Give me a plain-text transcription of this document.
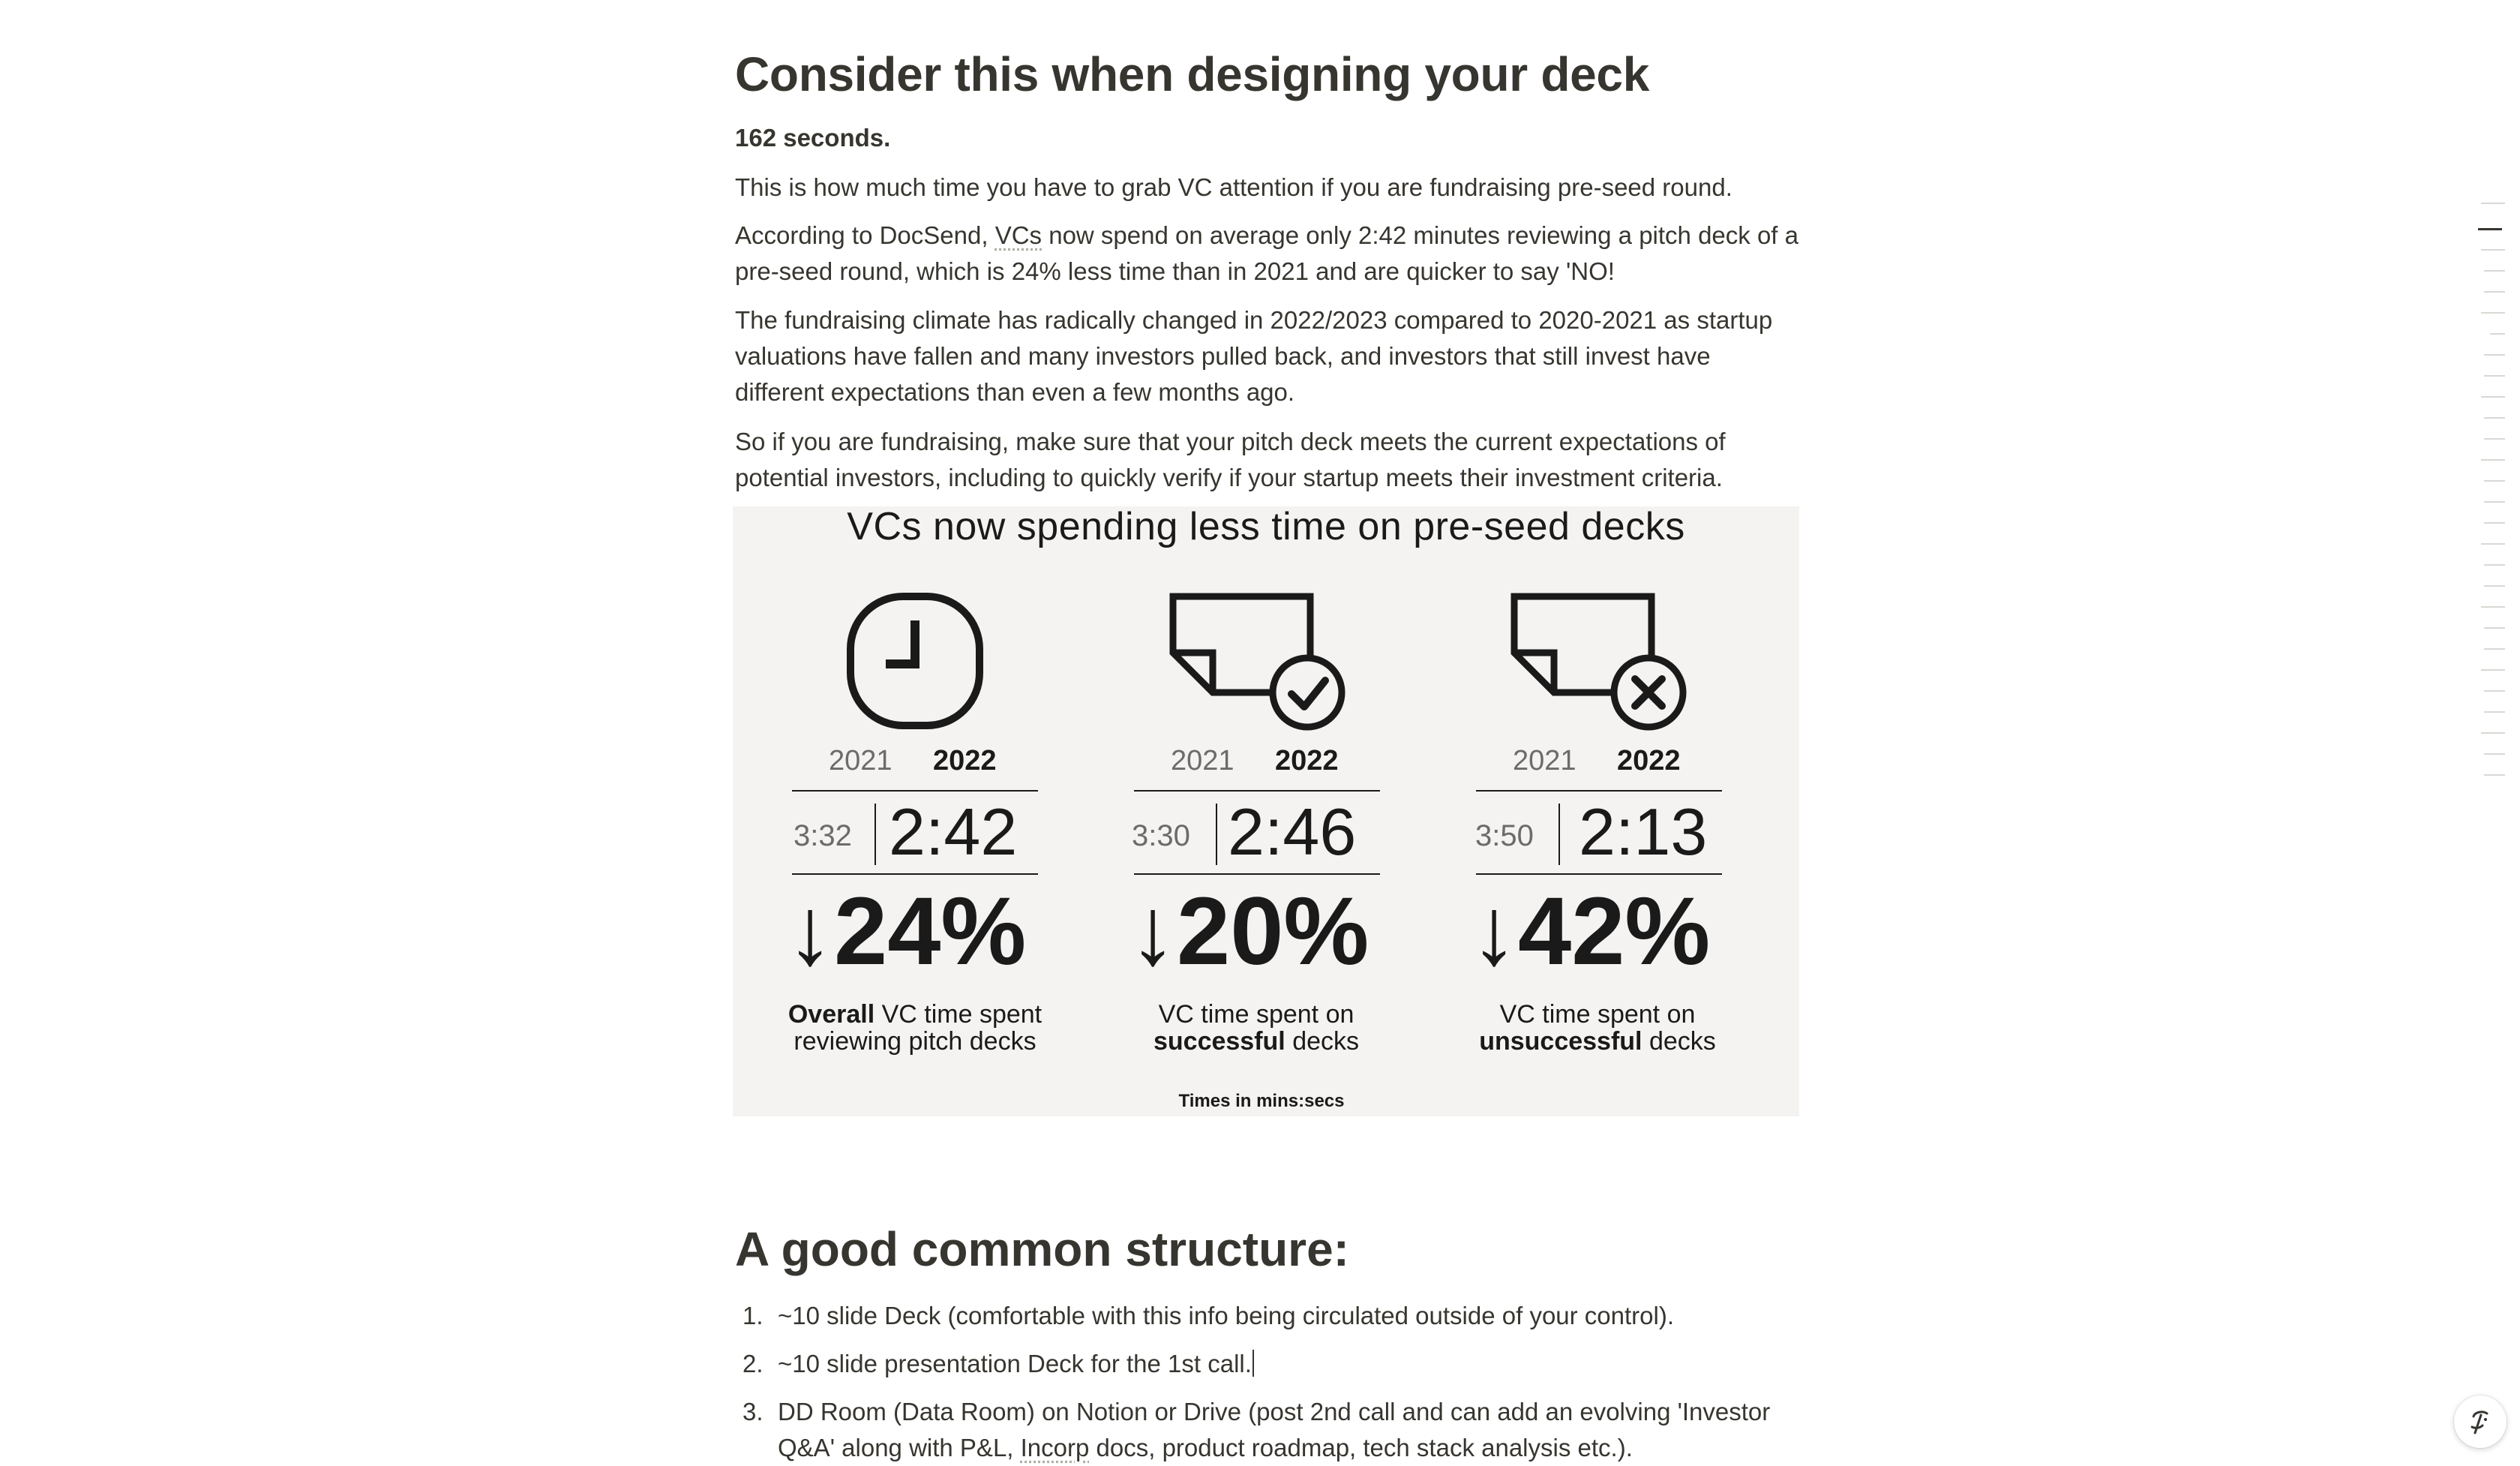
Consider this when designing your deck

162 seconds.

This is how much time you have to grab VC attention if you are fundraising pre-seed round.

According to DocSend, VCs now spend on average only 2:42 minutes reviewing a pitch deck of a
pre-seed round, which is 24% less time than in 2021 and are quicker to say 'NO!

The fundraising climate has radically changed in 2022/2023 compared to 2020-2021 as startup
valuations have fallen and many investors pulled back, and investors that still invest have
different expectations than even a few months ago.

So if you are fundraising, make sure that your pitch deck meets the current expectations of
potential investors, including to quickly verify if your startup meets their investment criteria.

VCs now spending less time on pre-seed decks
2021 2022
3:32 2:42
↓24%
Overall VC time spent
reviewing pitch decks
2021 2022
3:30 2:46
↓20%
VC time spent on
successful decks
2021 2022
3:50 2:13
↓42%
VC time spent on
unsuccessful decks
Times in mins:secs
A good common structure:
1. ~10 slide Deck (comfortable with this info being circulated outside of your control).
2. ~10 slide presentation Deck for the 1st call.
3. DD Room (Data Room) on Notion or Drive (post 2nd call and can add an evolving 'Investor
Q&A' along with P&L, Incorp docs, product roadmap, tech stack analysis etc.).
